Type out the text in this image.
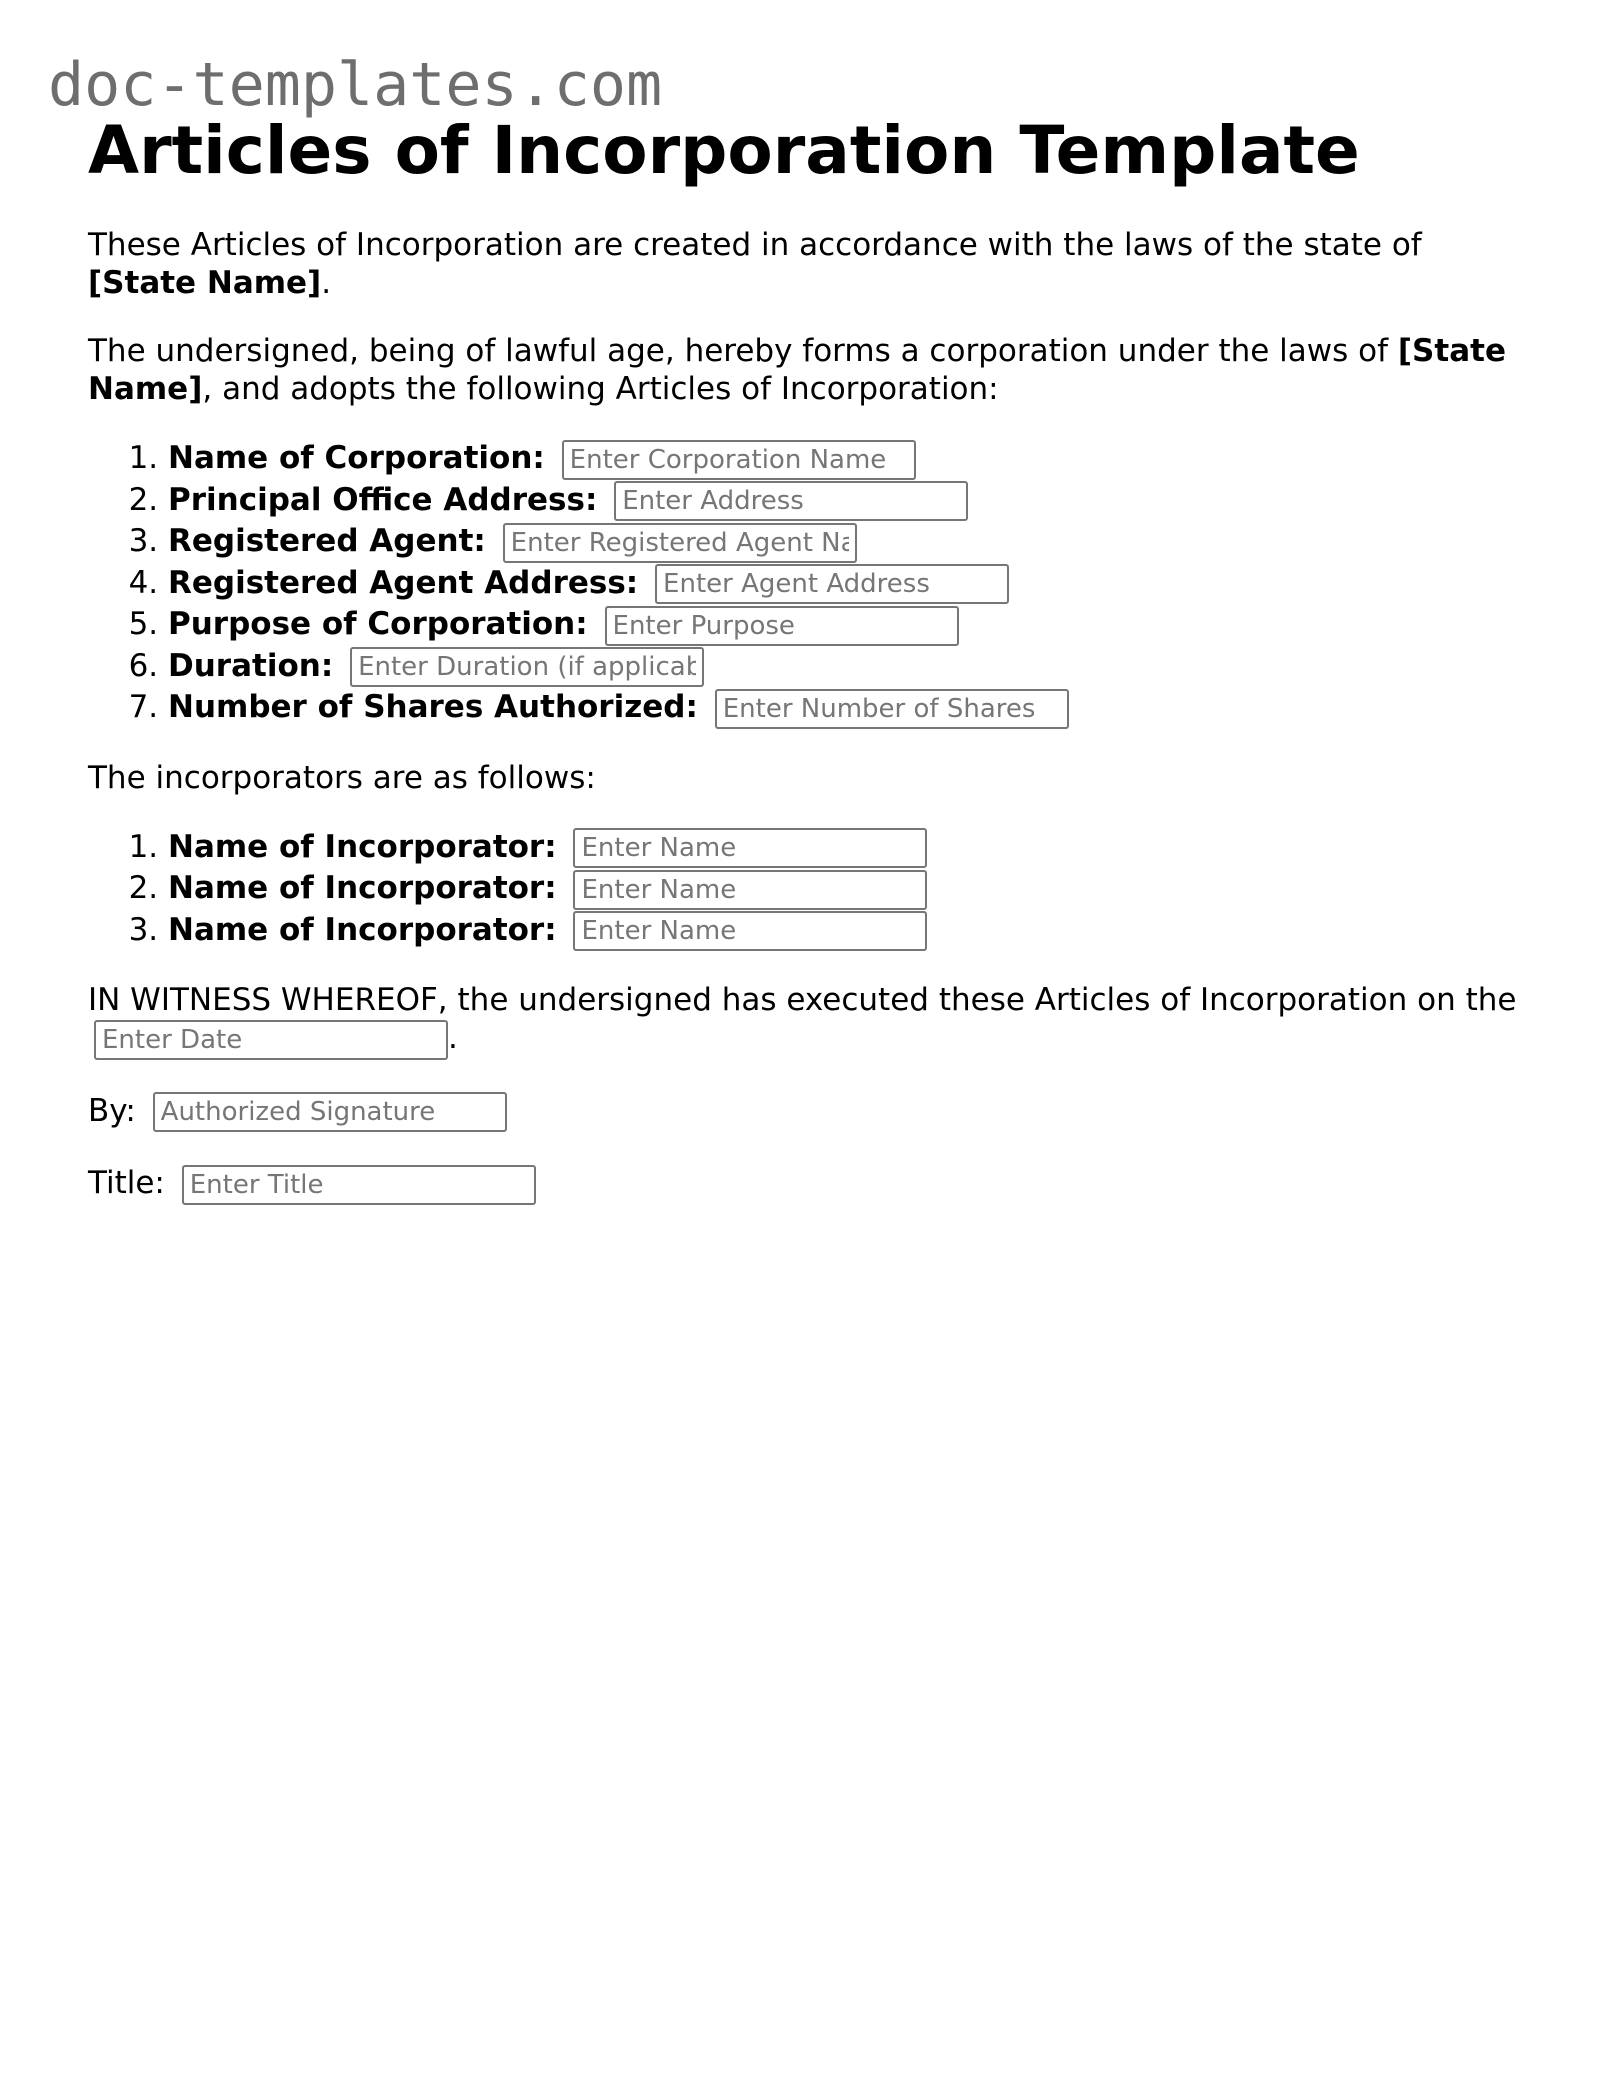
doc-templates.com
Articles of Incorporation Template

These Articles of Incorporation are created in accordance with the laws of the state of [State Name].

The undersigned, being of lawful age, hereby forms a corporation under the laws of [State Name], and adopts the following Articles of Incorporation:

1. Name of Corporation: Enter Corporation Name
2. Principal Office Address: Enter Address
3. Registered Agent: Enter Registered Agent Name
4. Registered Agent Address: Enter Agent Address
5. Purpose of Corporation: Enter Purpose
6. Duration: Enter Duration (if applicable)
7. Number of Shares Authorized: Enter Number of Shares

The incorporators are as follows:

1. Name of Incorporator: Enter Name
2. Name of Incorporator: Enter Name
3. Name of Incorporator: Enter Name

IN WITNESS WHEREOF, the undersigned has executed these Articles of Incorporation on theEnter Date.

By: Authorized Signature

Title: Enter Title
